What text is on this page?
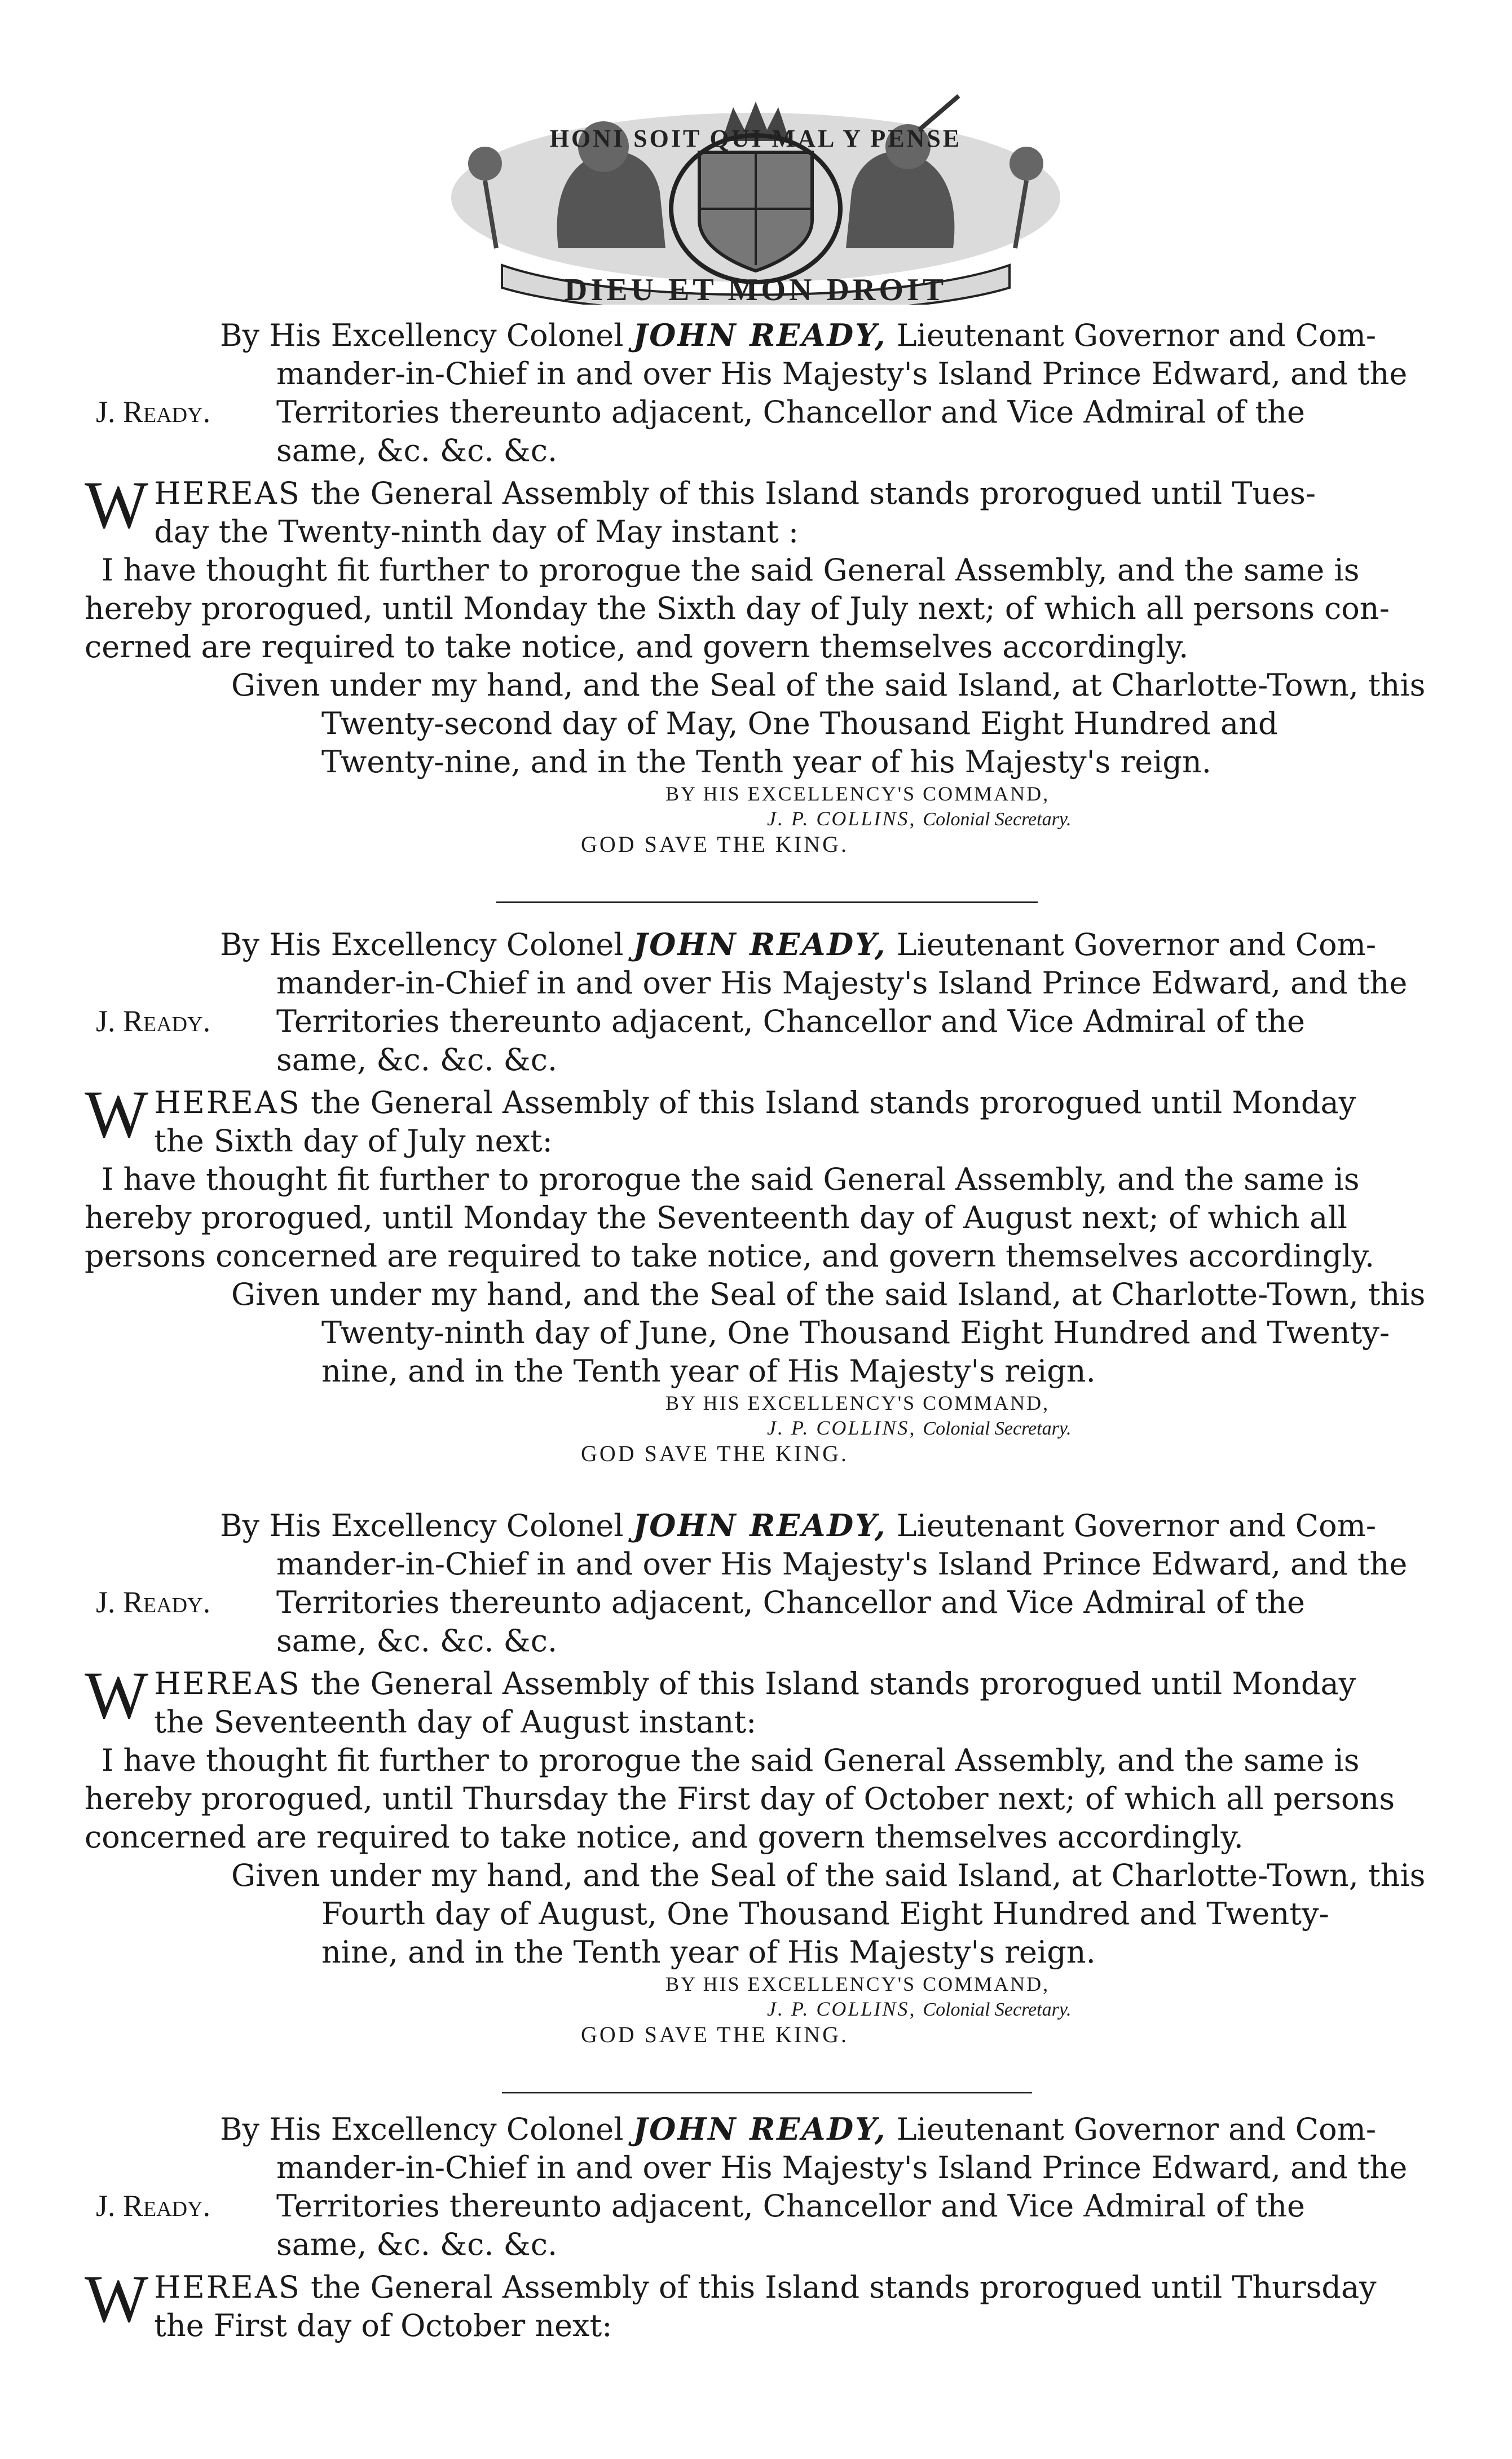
HONI SOIT QUI MAL Y PENSE
DIEU ET MON DROIT
By His Excellency Colonel JOHN READY, Lieutenant Governor and Com-
mander-in-Chief in and over His Majesty's Island Prince Edward, and the
Territories thereunto adjacent, Chancellor and Vice Admiral of the
same, &c. &c. &c.
J. Ready.
W HEREAS the General Assembly of this Island stands prorogued until Tues-
day the Twenty-ninth day of May instant :
I have thought fit further to prorogue the said General Assembly, and the same is
hereby prorogued, until Monday the Sixth day of July next; of which all persons con-
cerned are required to take notice, and govern themselves accordingly.
Given under my hand, and the Seal of the said Island, at Charlotte-Town, this
Twenty-second day of May, One Thousand Eight Hundred and
Twenty-nine, and in the Tenth year of his Majesty's reign.
BY HIS EXCELLENCY'S COMMAND,
J. P. COLLINS, Colonial Secretary.
GOD SAVE THE KING.
By His Excellency Colonel JOHN READY, Lieutenant Governor and Com-
mander-in-Chief in and over His Majesty's Island Prince Edward, and the
Territories thereunto adjacent, Chancellor and Vice Admiral of the
same, &c. &c. &c.
J. Ready.
W HEREAS the General Assembly of this Island stands prorogued until Monday
the Sixth day of July next:
I have thought fit further to prorogue the said General Assembly, and the same is
hereby prorogued, until Monday the Seventeenth day of August next; of which all
persons concerned are required to take notice, and govern themselves accordingly.
Given under my hand, and the Seal of the said Island, at Charlotte-Town, this
Twenty-ninth day of June, One Thousand Eight Hundred and Twenty-
nine, and in the Tenth year of His Majesty's reign.
BY HIS EXCELLENCY'S COMMAND,
J. P. COLLINS, Colonial Secretary.
GOD SAVE THE KING.
By His Excellency Colonel JOHN READY, Lieutenant Governor and Com-
mander-in-Chief in and over His Majesty's Island Prince Edward, and the
Territories thereunto adjacent, Chancellor and Vice Admiral of the
same, &c. &c. &c.
J. Ready.
W HEREAS the General Assembly of this Island stands prorogued until Monday
the Seventeenth day of August instant:
I have thought fit further to prorogue the said General Assembly, and the same is
hereby prorogued, until Thursday the First day of October next; of which all persons
concerned are required to take notice, and govern themselves accordingly.
Given under my hand, and the Seal of the said Island, at Charlotte-Town, this
Fourth day of August, One Thousand Eight Hundred and Twenty-
nine, and in the Tenth year of His Majesty's reign.
BY HIS EXCELLENCY'S COMMAND,
J. P. COLLINS, Colonial Secretary.
GOD SAVE THE KING.
By His Excellency Colonel JOHN READY, Lieutenant Governor and Com-
mander-in-Chief in and over His Majesty's Island Prince Edward, and the
Territories thereunto adjacent, Chancellor and Vice Admiral of the
same, &c. &c. &c.
J. Ready.
W HEREAS the General Assembly of this Island stands prorogued until Thursday
the First day of October next:
